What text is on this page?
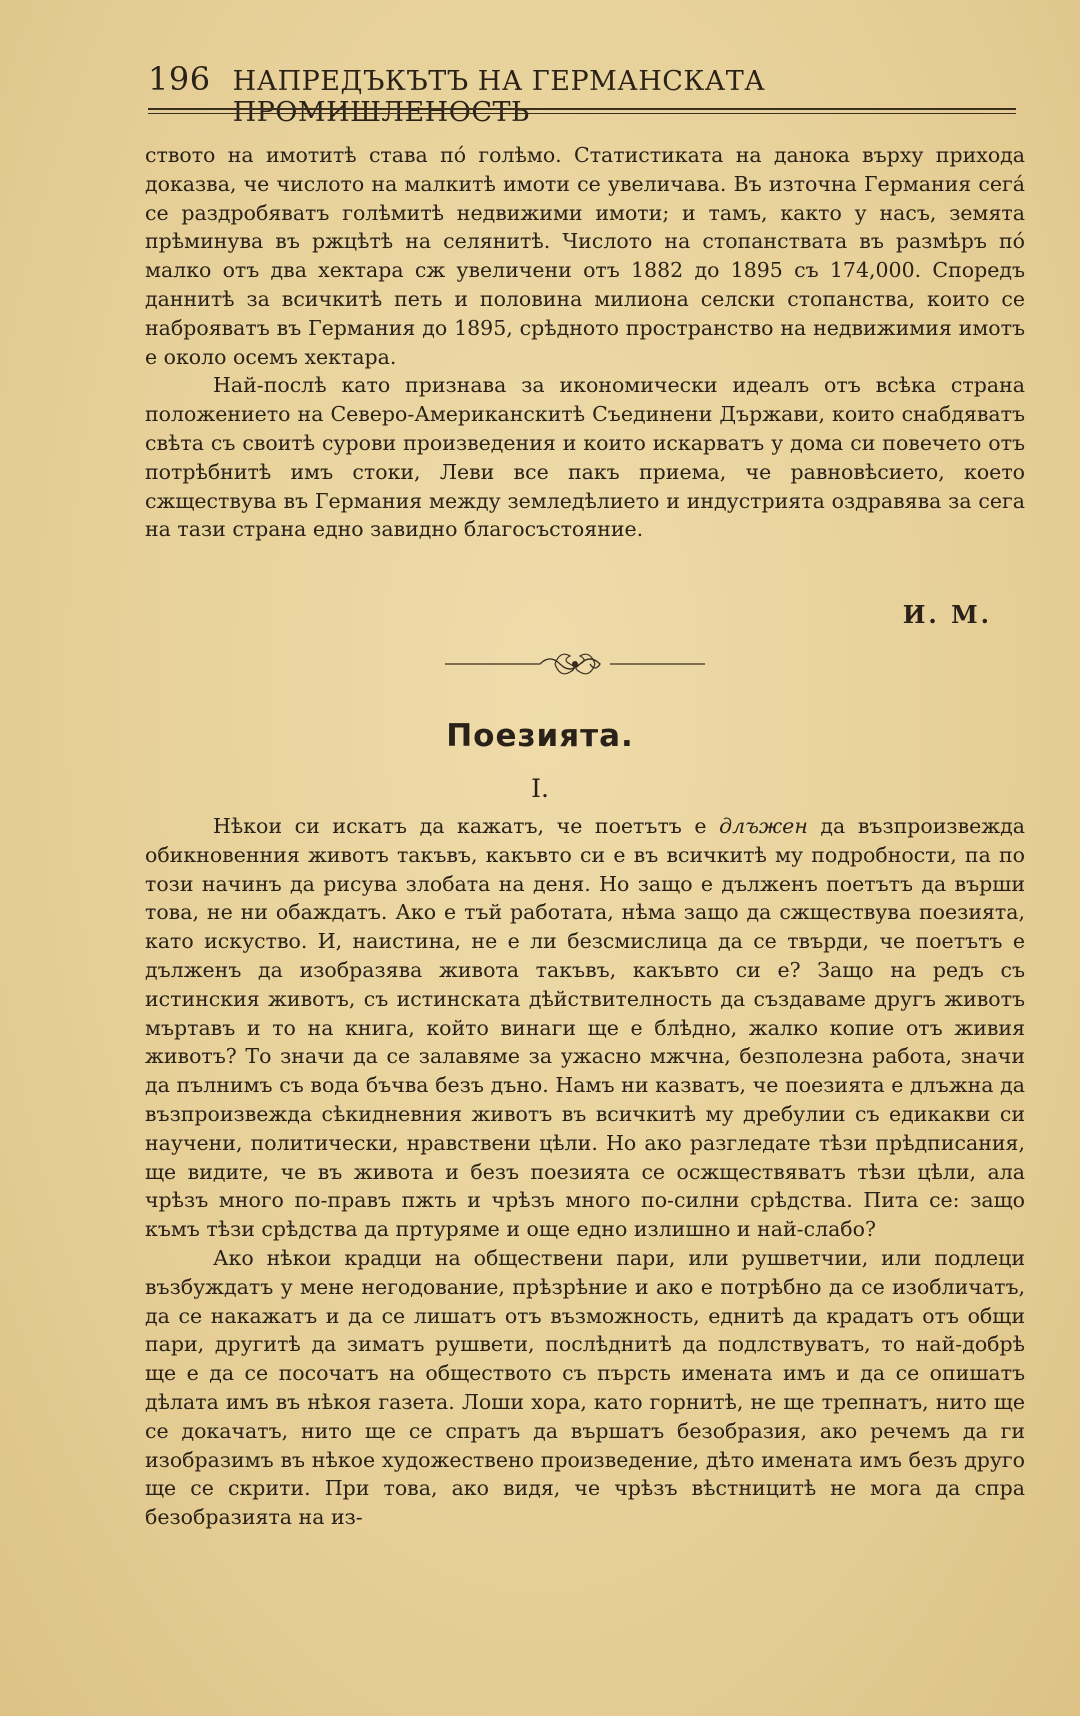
196 НАПРЕДЪКЪТЪ НА ГЕРМАНСКАТА ПРОМИШЛЕНОСТЬ

ството на имотитѣ става по́ голѣмо. Статистиката на данока върху прихода доказва, че числото на малкитѣ имоти се увеличава. Въ източна Германия сега́ се раздробяватъ голѣмитѣ недвижими имоти; и тамъ, както у насъ, земята прѣминува въ ржцѣтѣ на селянитѣ. Числото на стопанствата въ размѣръ по́ малко отъ два хектара сж увеличени отъ 1882 до 1895 съ 174,000. Споредъ даннитѣ за всичкитѣ петь и половина милиона селски стопанства, които се наброяватъ въ Германия до 1895, срѣдното пространство на недвижимия имотъ е около осемъ хектара.

Най-послѣ като признава за икономически идеалъ отъ всѣка страна положението на Северо-Американскитѣ Съединени Държави, които снабдяватъ свѣта съ своитѣ сурови произведения и които искарватъ у дома си повечето отъ потрѣбнитѣ имъ стоки, Леви все пакъ приема, че равновѣсието, което сжществува въ Германия между земледѣлието и индустрията оздравява за сега на тази страна едно завидно благосъстояние.

И. М.
Поезията.
I.

Нѣкои си искатъ да кажатъ, че поетътъ е длъжен да възпроизвежда обикновенния животъ такъвъ, какъвто си е въ всичкитѣ му подробности, па по този начинъ да рисува злобата на деня. Но защо е дълженъ поетътъ да върши това, не ни обаждатъ. Ако е тъй работата, нѣма защо да сжществува поезията, като искуство. И, наистина, не е ли безсмислица да се твърди, че поетътъ е дълженъ да изобразява живота такъвъ, какъвто си е? Защо на редъ съ истинския животъ, съ истинската дѣйствителность да създаваме другъ животъ мъртавъ и то на книга, който винаги ще е блѣдно, жалко копие отъ живия животъ? То значи да се залавяме за ужасно мжчна, безполезна работа, значи да пълнимъ съ вода бъчва безъ дъно. Намъ ни казватъ, че поезията е длъжна да възпроизвежда сѣкидневния животъ въ всичкитѣ му дребулии съ едикакви си научени, политически, нравствени цѣли. Но ако разгледате тѣзи прѣдписания, ще видите, че въ живота и безъ поезията се осжществяватъ тѣзи цѣли, ала чрѣзъ много по-правъ пжть и чрѣзъ много по-силни срѣдства. Пита се: защо къмъ тѣзи срѣдства да пртуряме и още едно излишно и най-слабо?

Ако нѣкои крадци на обществени пари, или рушветчии, или подлеци възбуждатъ у мене негодование, прѣзрѣние и ако е потрѣбно да се изобличатъ, да се накажатъ и да се лишатъ отъ възможность, еднитѣ да крадатъ отъ общи пари, другитѣ да зиматъ рушвети, послѣднитѣ да подлствуватъ, то най-добрѣ ще е да се посочатъ на обществото съ пърсть имената имъ и да се опишатъ дѣлата имъ въ нѣкоя газета. Лоши хора, като горнитѣ, не ще трепнатъ, нито ще се докачатъ, нито ще се спратъ да вършатъ безобразия, ако речемъ да ги изобразимъ въ нѣкое художествено произведение, дѣто имената имъ безъ друго ще се скрити. При това, ако видя, че чрѣзъ вѣстницитѣ не мога да спра безобразията на из-
